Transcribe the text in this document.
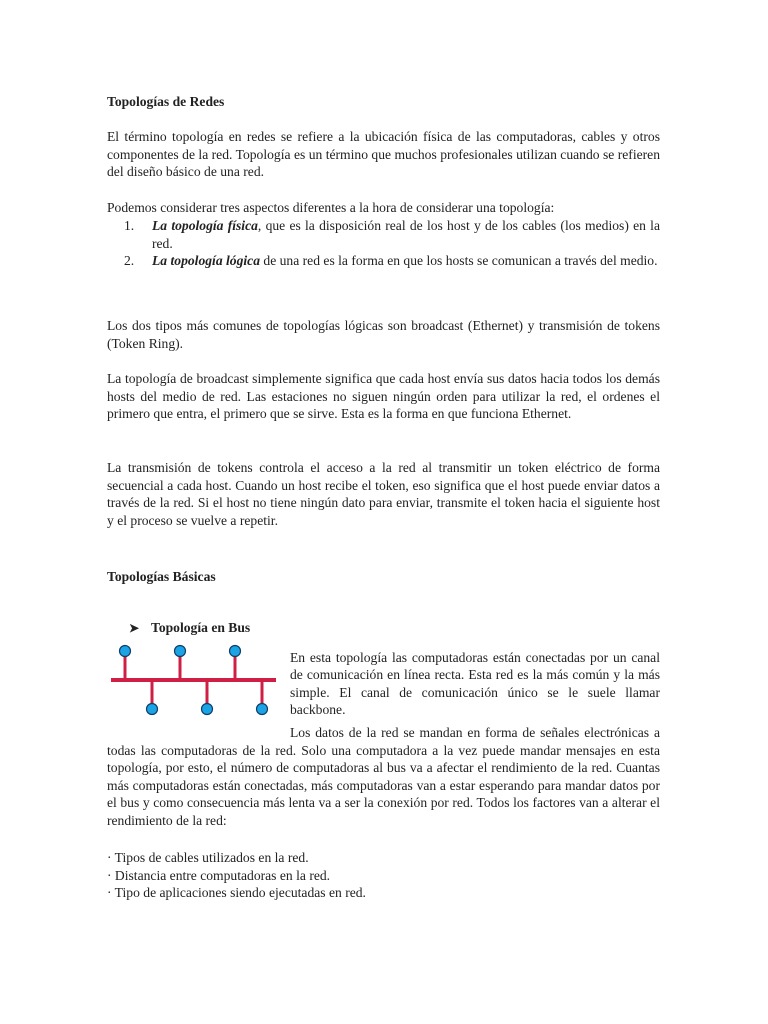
Topologías de Redes

El término topología en redes se refiere a la ubicación física de las computadoras, cables y otros componentes de la red. Topología es un término que muchos profesionales utilizan cuando se refieren del diseño básico de una red.

Podemos considerar tres aspectos diferentes a la hora de considerar una topología:

1. La topología física, que es la disposición real de los host y de los cables (los medios) en la red.
2. La topología lógica de una red es la forma en que los hosts se comunican a través del medio.

Los dos tipos más comunes de topologías lógicas son broadcast (Ethernet) y transmisión de tokens (Token Ring).

La topología de broadcast simplemente significa que cada host envía sus datos hacia todos los demás hosts del medio de red. Las estaciones no siguen ningún orden para utilizar la red, el ordenes el primero que entra, el primero que se sirve. Esta es la forma en que funciona Ethernet.

La transmisión de tokens controla el acceso a la red al transmitir un token eléctrico de forma secuencial a cada host. Cuando un host recibe el token, eso significa que el host puede enviar datos a través de la red. Si el host no tiene ningún dato para enviar, transmite el token hacia el siguiente host y el proceso se vuelve a repetir.

Topologías Básicas
➤ Topología en Bus

En esta topología las computadoras están conectadas por un canal de comunicación en línea recta. Esta red es la más común y la más simple. El canal de comunicación único se le suele llamar backbone.

Los datos de la red se mandan en forma de señales electrónicas a todas las computadoras de la red. Solo una computadora a la vez puede mandar mensajes en esta topología, por esto, el número de computadoras al bus va a afectar el rendimiento de la red. Cuantas más computadoras están conectadas, más computadoras van a estar esperando para mandar datos por el bus y como consecuencia más lenta va a ser la conexión por red. Todos los factores van a alterar el rendimiento de la red:

· Tipos de cables utilizados en la red.
· Distancia entre computadoras en la red.
· Tipo de aplicaciones siendo ejecutadas en red.
